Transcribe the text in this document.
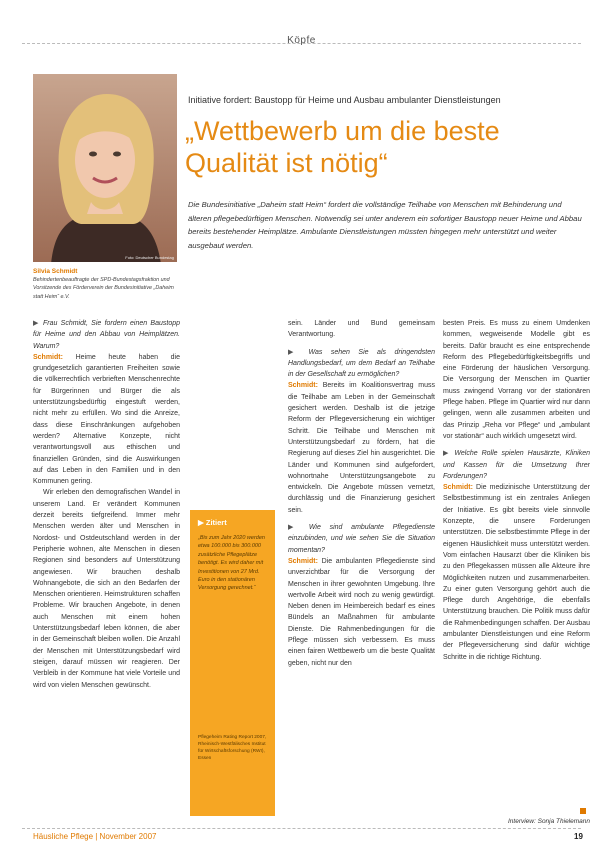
Köpfe
Foto: Deutscher Bundestag
Silvia Schmidt
Behindertenbeauftragte der SPD-Bundestagsfraktion und Vorsitzende des Förderverein der Bundesinitiative „Daheim statt Heim“ e.V.
Initiative fordert: Baustopp für Heime und Ausbau ambulanter Dienstleistungen
„Wettbewerb um die beste
Qualität ist nötig“
Die Bundesinitiative „Daheim statt Heim“ fordert die vollständige Teilhabe von Menschen mit Behinderung und älteren pflegebedürftigen Menschen. Notwendig sei unter anderem ein sofortiger Baustopp neuer Heime und Abbau bereits bestehender Heimplätze. Ambulante Dienstleistungen müssten hingegen mehr unterstützt und weiter ausgebaut werden.

▶ Frau Schmidt, Sie fordern einen Baustopp für Heime und den Abbau von Heimplätzen. Warum?

Schmidt: Heime heute haben die grundgesetzlich garantierten Freiheiten sowie die völkerrechtlich verbrieften Menschenrechte für Bürgerinnen und Bürger die als unterstützungsbedürftig eingestuft werden, nicht mehr zu erfüllen. Wo sind die Anreize, dass diese Einschränkungen aufgehoben werden? Alternative Konzepte, nicht verantwortungsvoll aus ethischen und finanziellen Gründen, sind die Auswirkungen auf das Leben in den Familien und in den Kommunen gering.

Wir erleben den demografischen Wandel in unserem Land. Er verändert Kommunen derzeit bereits tiefgreifend. Immer mehr Menschen werden älter und Menschen in Nordost- und Ostdeutschland werden in der Peripherie wohnen, alte Menschen in diesen Regionen sind besonders auf Unterstützung angewiesen. Wir brauchen deshalb Wohnangebote, die sich an den Bedarfen der Menschen orientieren. Heimstrukturen schaffen Probleme. Wir brauchen Angebote, in denen auch Menschen mit einem hohen Unterstützungsbedarf leben können, die aber in der Gemeinschaft bleiben wollen. Die Anzahl der Menschen mit Unterstützungsbedarf wird steigen, darauf müssen wir reagieren. Der Verbleib in der Kommune hat viele Vorteile und wird von vielen Menschen gewünscht.

▶ Zitiert
„Bis zum Jahr 2020 werden etwa 100.000 bis 300.000 zusätzliche Pflegeplätze benötigt. Es wird daher mit Investitionen von 27 Mrd. Euro in den stationären Versorgung gerechnet.“
Pflegeheim Rating Report 2007, Rheinisch-Westfälisches Institut für Wirtschaftsforschung (RWI), Essen

sein. Länder und Bund gemeinsam Verantwortung.

▶ Was sehen Sie als dringendsten Handlungsbedarf, um dem Bedarf an Teilhabe in der Gesellschaft zu ermöglichen?

Schmidt: Bereits im Koalitionsvertrag muss die Teilhabe am Leben in der Gemeinschaft gesichert werden. Deshalb ist die jetzige Reform der Pflegeversicherung ein wichtiger Schritt. Die Teilhabe und Menschen mit Unterstützungsbedarf zu fördern, hat die Regierung auf dieses Ziel hin ausgerichtet. Die Länder und Kommunen sind aufgefordert, wohnortnahe Unterstützungsangebote zu entwickeln. Die Angebote müssen vernetzt, durchlässig und die Finanzierung gesichert sein.

▶ Wie sind ambulante Pflegedienste einzubinden, und wie sehen Sie die Situation momentan?

Schmidt: Die ambulanten Pflegedienste sind unverzichtbar für die Versorgung der Menschen in ihrer gewohnten Umgebung. Ihre wertvolle Arbeit wird noch zu wenig gewürdigt. Neben denen im Heimbereich bedarf es eines Bündels an Maßnahmen für ambulante Dienste. Die Rahmenbedingungen für die Pflege müssen sich verbessern. Es muss einen fairen Wettbewerb um die beste Qualität geben, nicht nur den

besten Preis. Es muss zu einem Umdenken kommen, wegweisende Modelle gibt es bereits. Dafür braucht es eine entsprechende Reform des Pflegebedürftigkeitsbegriffs und eine Förderung der häuslichen Versorgung. Die Versorgung der Menschen im Quartier muss zwingend Vorrang vor der stationären Pflege haben. Pflege im Quartier wird nur dann gelingen, wenn alle zusammen arbeiten und das Prinzip „Reha vor Pflege“ und „ambulant vor stationär“ auch wirklich umgesetzt wird.

▶ Welche Rolle spielen Hausärzte, Kliniken und Kassen für die Umsetzung Ihrer Forderungen?

Schmidt: Die medizinische Unterstützung der Selbstbestimmung ist ein zentrales Anliegen der Initiative. Es gibt bereits viele sinnvolle Konzepte, die unsere Forderungen unterstützen. Die selbstbestimmte Pflege in der eigenen Häuslichkeit muss unterstützt werden. Vom einfachen Hausarzt über die Kliniken bis zu den Pflegekassen müssen alle Akteure ihre Möglichkeiten nutzen und zusammenarbeiten. Zu einer guten Versorgung gehört auch die Pflege durch Angehörige, die ebenfalls Unterstützung brauchen. Die Politik muss dafür die Rahmenbedingungen schaffen. Der Ausbau ambulanter Dienstleistungen und eine Reform der Pflegeversicherung sind dafür wichtige Schritte in die richtige Richtung.

Interview: Sonja Thielemann
Häusliche Pflege | November 2007	19
